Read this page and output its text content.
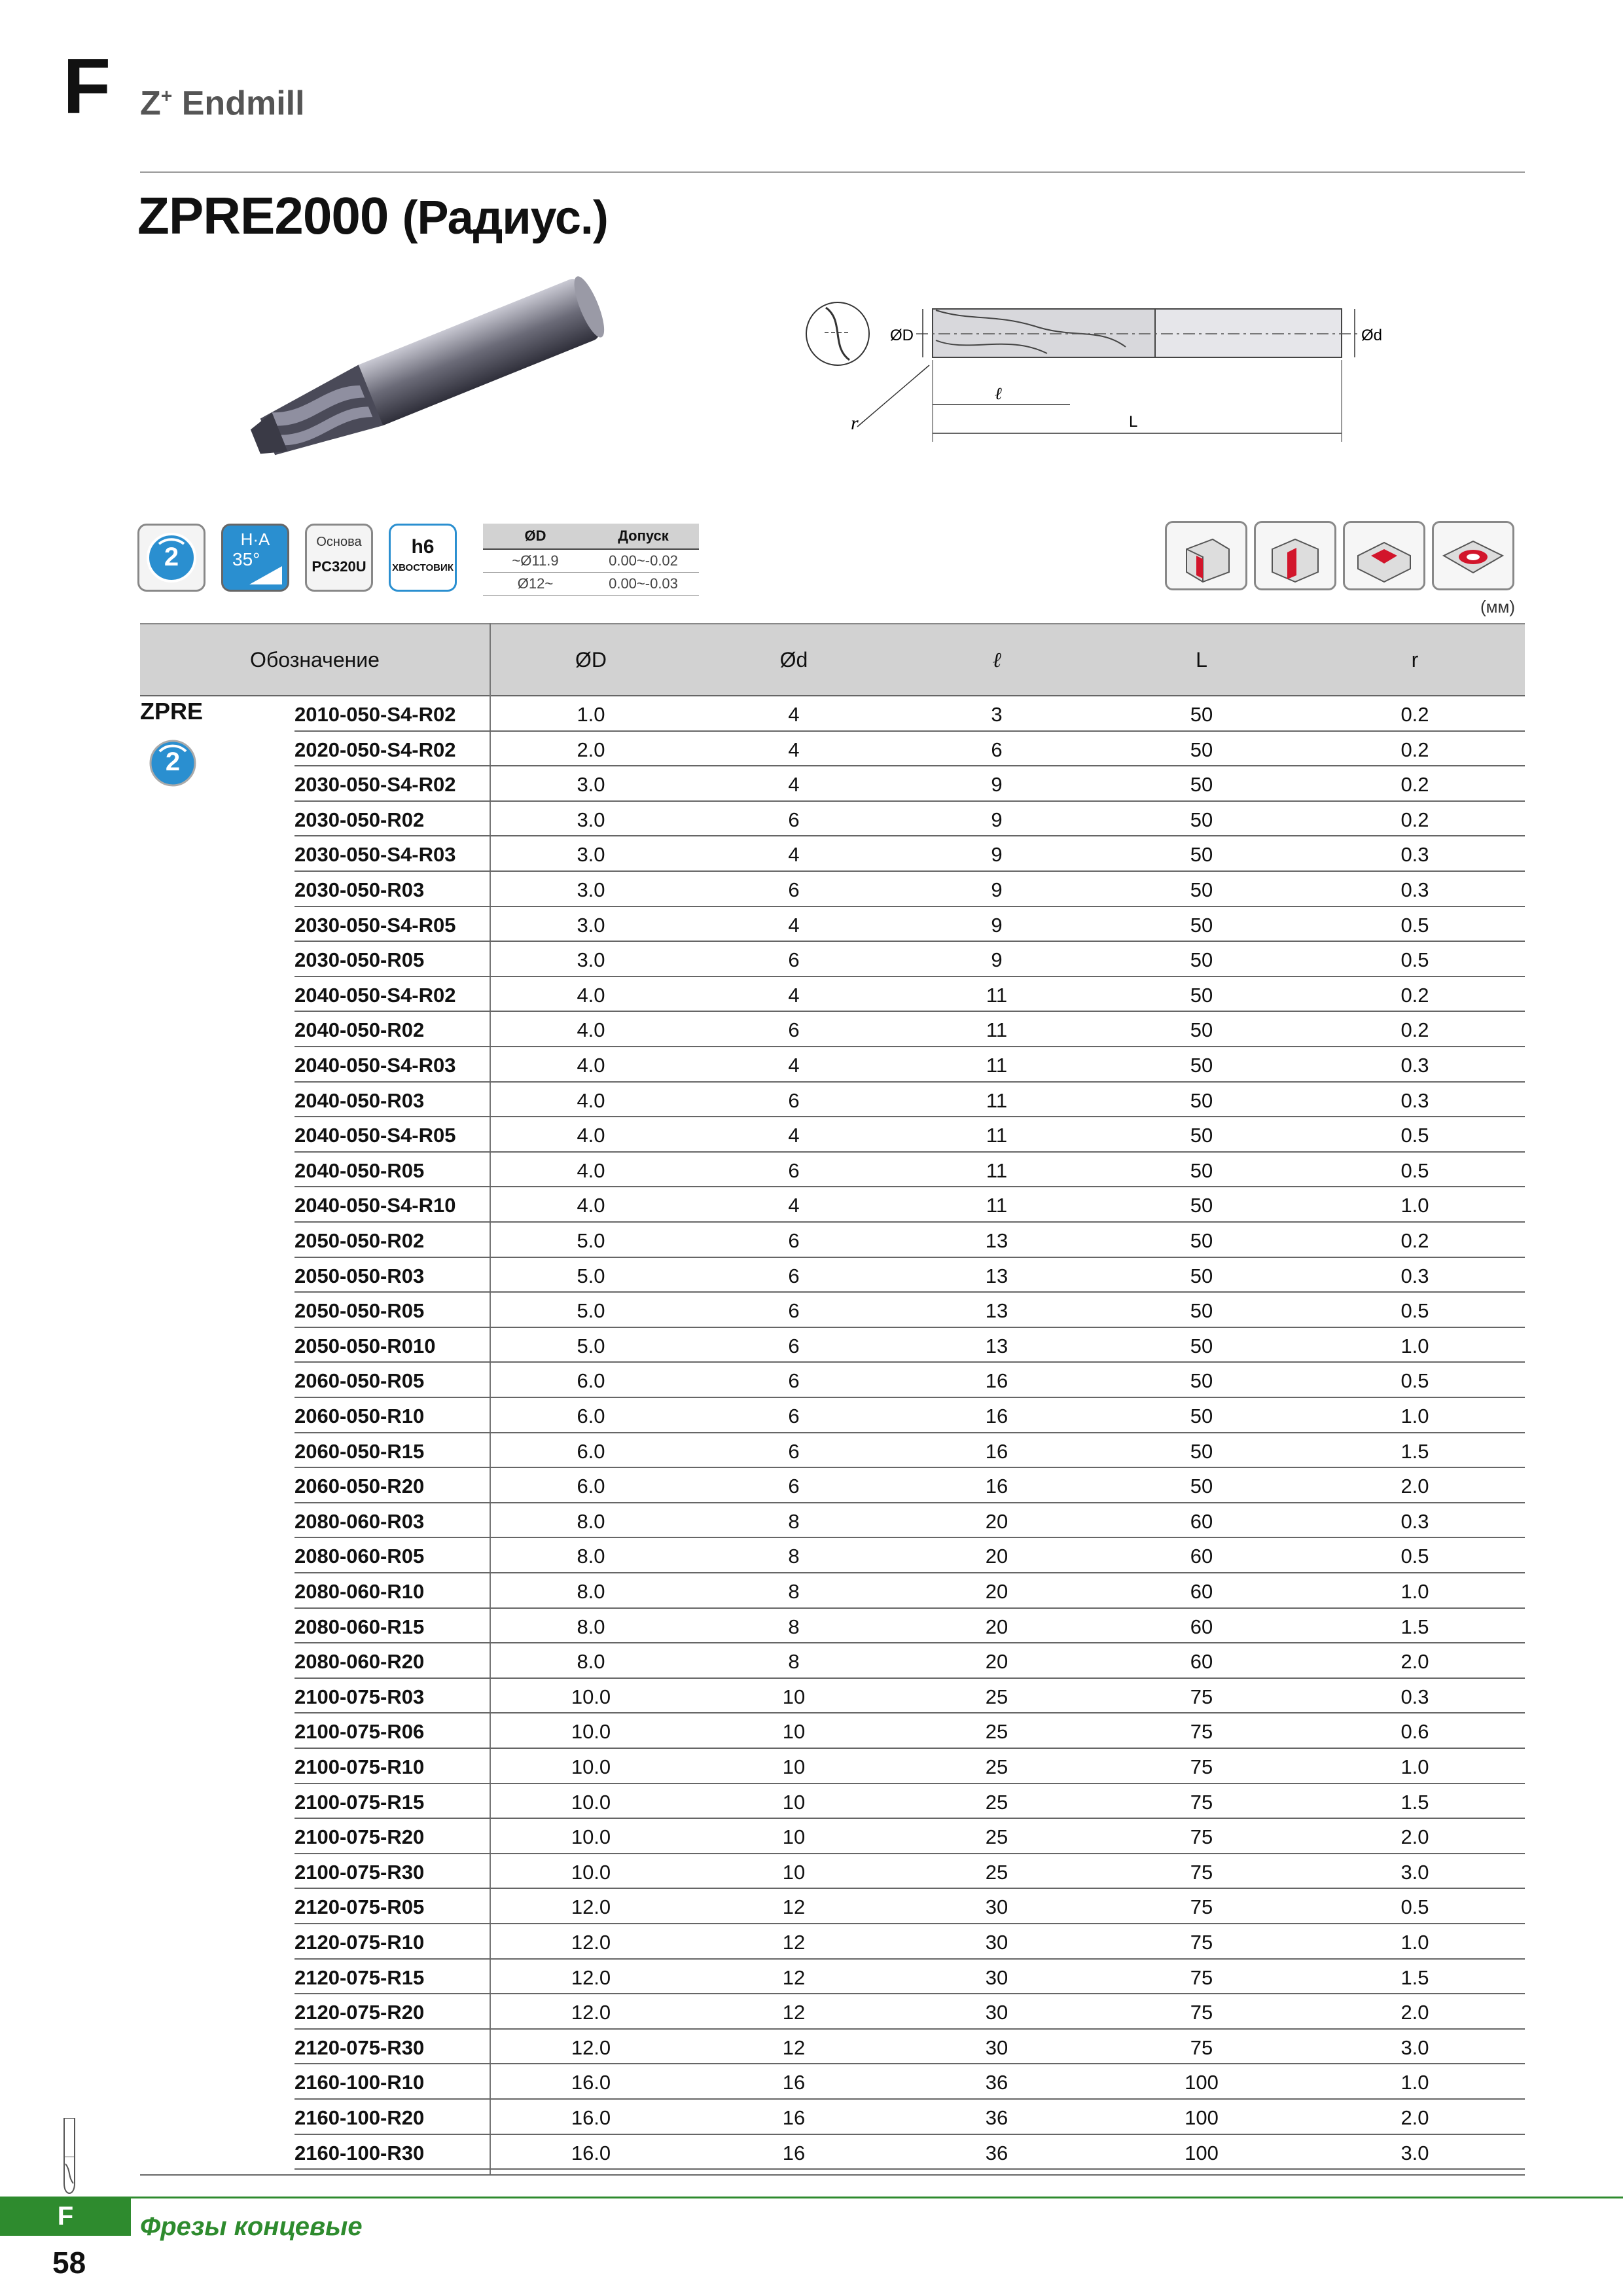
F Z+ Endmill
ZPRE2000 (Радиус.)
ØD	Ød
ℓ
L
r
2
H·A
35°
Основа
PC320U
h6
ХВОСТОВИК
ØD	Допуск
~Ø11.9	0.00~-0.02
Ø12~	0.00~-0.03
(мм)
Обозначение	ØD	Ød	ℓ	L	r
ZPRE
2
2010-050-S4-R02	1.0	4	3	50	0.2
2020-050-S4-R02	2.0	4	6	50	0.2
2030-050-S4-R02	3.0	4	9	50	0.2
2030-050-R02	3.0	6	9	50	0.2
2030-050-S4-R03	3.0	4	9	50	0.3
2030-050-R03	3.0	6	9	50	0.3
2030-050-S4-R05	3.0	4	9	50	0.5
2030-050-R05	3.0	6	9	50	0.5
2040-050-S4-R02	4.0	4	11	50	0.2
2040-050-R02	4.0	6	11	50	0.2
2040-050-S4-R03	4.0	4	11	50	0.3
2040-050-R03	4.0	6	11	50	0.3
2040-050-S4-R05	4.0	4	11	50	0.5
2040-050-R05	4.0	6	11	50	0.5
2040-050-S4-R10	4.0	4	11	50	1.0
2050-050-R02	5.0	6	13	50	0.2
2050-050-R03	5.0	6	13	50	0.3
2050-050-R05	5.0	6	13	50	0.5
2050-050-R010	5.0	6	13	50	1.0
2060-050-R05	6.0	6	16	50	0.5
2060-050-R10	6.0	6	16	50	1.0
2060-050-R15	6.0	6	16	50	1.5
2060-050-R20	6.0	6	16	50	2.0
2080-060-R03	8.0	8	20	60	0.3
2080-060-R05	8.0	8	20	60	0.5
2080-060-R10	8.0	8	20	60	1.0
2080-060-R15	8.0	8	20	60	1.5
2080-060-R20	8.0	8	20	60	2.0
2100-075-R03	10.0	10	25	75	0.3
2100-075-R06	10.0	10	25	75	0.6
2100-075-R10	10.0	10	25	75	1.0
2100-075-R15	10.0	10	25	75	1.5
2100-075-R20	10.0	10	25	75	2.0
2100-075-R30	10.0	10	25	75	3.0
2120-075-R05	12.0	12	30	75	0.5
2120-075-R10	12.0	12	30	75	1.0
2120-075-R15	12.0	12	30	75	1.5
2120-075-R20	12.0	12	30	75	2.0
2120-075-R30	12.0	12	30	75	3.0
2160-100-R10	16.0	16	36	100	1.0
2160-100-R20	16.0	16	36	100	2.0
2160-100-R30	16.0	16	36	100	3.0
F	Фрезы концевые
58
